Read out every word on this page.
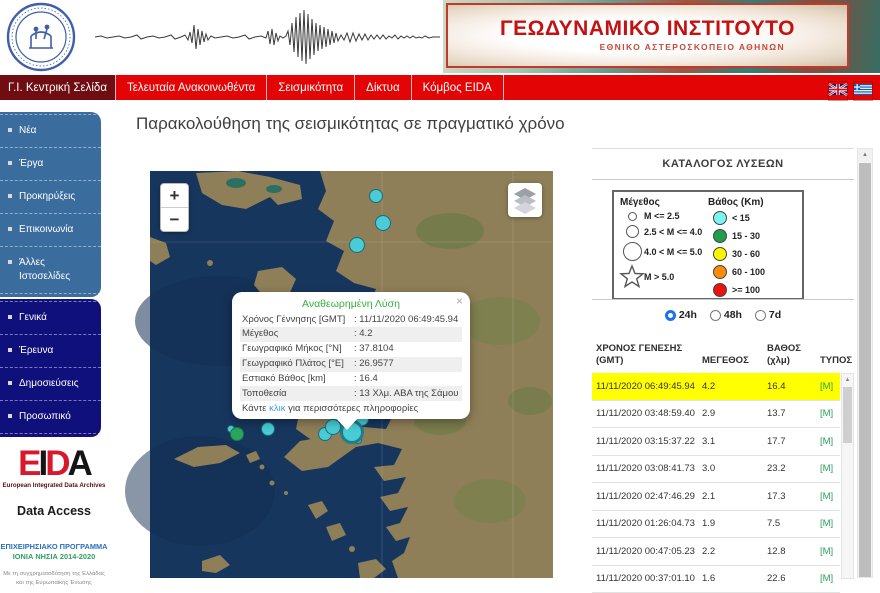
ΓΕΩΔΥΝΑΜΙΚΟ ΙΝΣΤΙΤΟΥΤΟ
ΕΘΝΙΚΟ ΑΣΤΕΡΟΣΚΟΠΕΙΟ ΑΘΗΝΩΝ
Γ.Ι. Κεντρική Σελίδα	Τελευταία Ανακοινωθέντα	Σεισμικότητα	Δίκτυα	Κόμβος EIDA
Νέα
Έργα
Προκηρύξεις
Επικοινωνία
Άλλες Ιστοσελίδες
Γενικά
Έρευνα
Δημοσιεύσεις
Προσωπικό
EIDA
European Integrated Data Archives
Data Access
ΕΠΙΧΕΙΡΗΣΙΑΚΟ ΠΡΟΓΡΑΜΜΑ
ΙΟΝΙΑ ΝΗΣΙΑ 2014-2020
Με τη συγχρηματοδότηση της Ελλάδας
και της Ευρωπαϊκής Ένωσης
Παρακολούθηση της σεισμικότητας σε πραγματικό χρόνο
+
−
×
Αναθεωρημένη Λύση
Χρόνος Γέννησης [GMT] : 11/11/2020 06:49:45.94
Μέγεθος	: 4.2
Γεωγραφικό Μήκος [°N]	: 37.8104
Γεωγραφικό Πλάτος [°E]	: 26.9577
Εστιακό Βάθος [km]	: 16.4
Τοποθεσία	: 13 Χλμ. ΑΒΑ της Σάμου
Κάντε κλικ για περισσότερες πληροφορίες
ΚΑΤΑΛΟΓΟΣ ΛΥΣΕΩΝ
Μέγεθος
M <= 2.5
2.5 < M <= 4.0
4.0 < M <= 5.0
M > 5.0
Βάθος (Km)
< 15
15 - 30
30 - 60
60 - 100
>= 100
24h
	48h
	7d
ΧΡΟΝΟΣ ΓΕΝΕΣΗΣ
(GMT)	ΜΕΓΕΘΟΣ
ΒΑΘΟΣ
(χλμ)	ΤΥΠΟΣ
11/11/2020 06:49:45.94 4.2	16.4	[M]
11/11/2020 03:48:59.40 2.9	13.7	[M]
11/11/2020 03:15:37.22 3.1	17.7	[M]
11/11/2020 03:08:41.73 3.0	23.2	[M]
11/11/2020 02:47:46.29 2.1	17.3	[M]
11/11/2020 01:26:04.73 1.9	7.5	[M]
11/11/2020 00:47:05.23 2.2	12.8	[M]
11/11/2020 00:37:01.10 1.6	22.6	[M]
▲
▲
